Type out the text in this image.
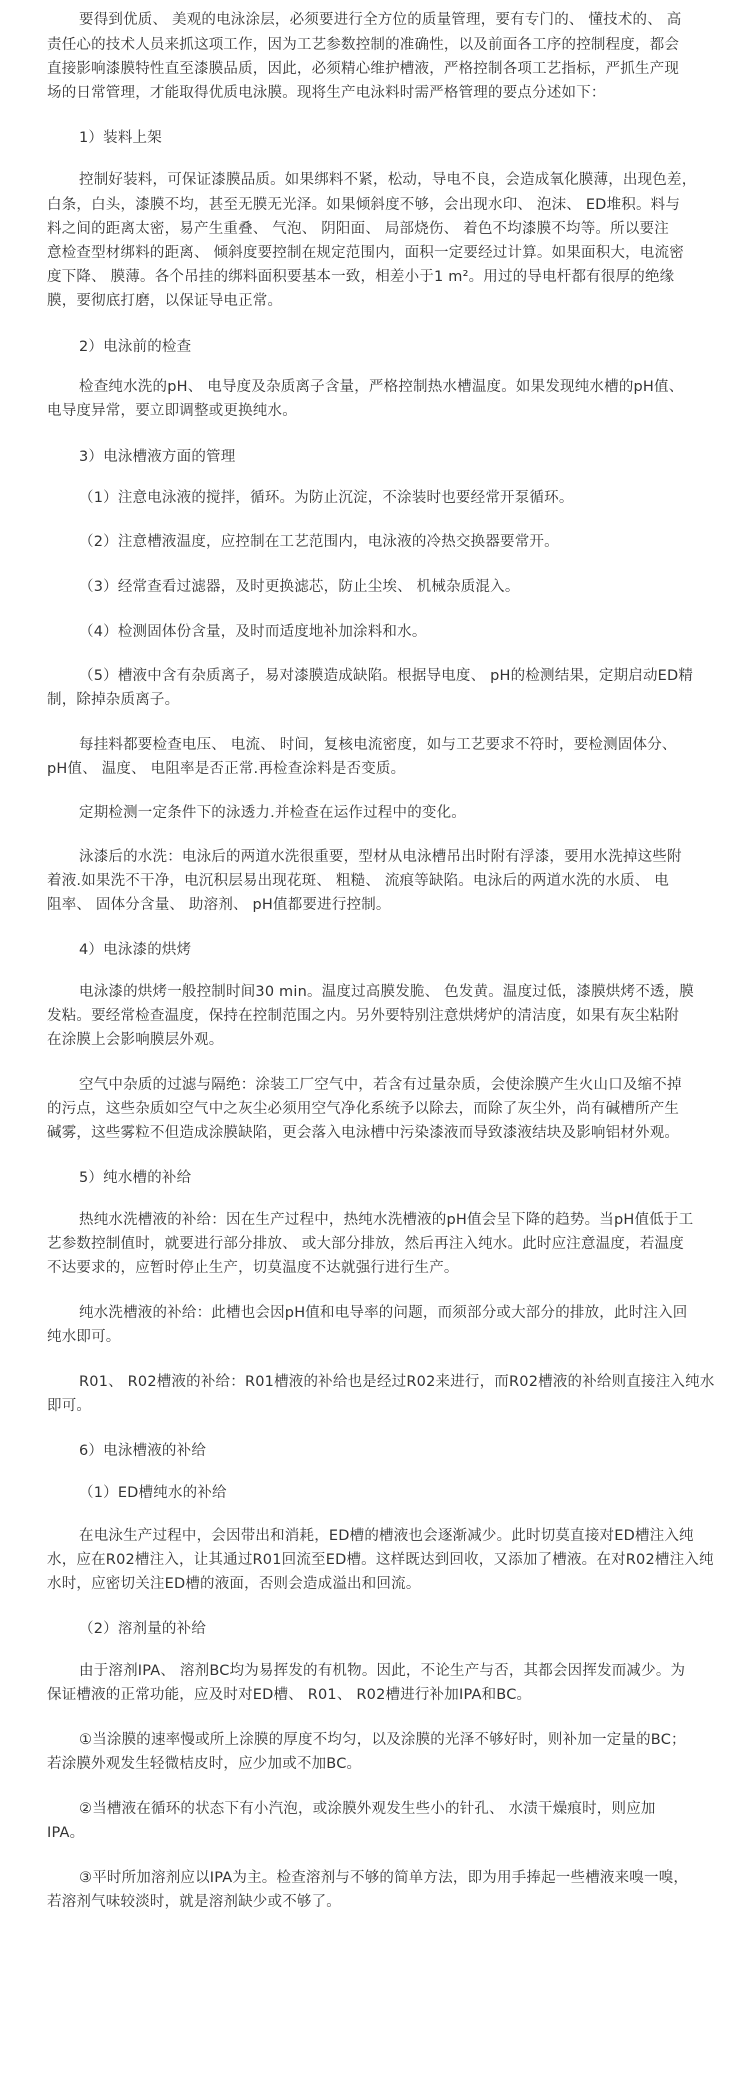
要得到优质、 美观的电泳涂层，必须要进行全方位的质量管理，要有专门的、 懂技术的、 高
责任心的技术人员来抓这项工作，因为工艺参数控制的准确性，以及前面各工序的控制程度，都会
直接影响漆膜特性直至漆膜品质，因此，必须精心维护槽液，严格控制各项工艺指标，严抓生产现
场的日常管理，才能取得优质电泳膜。现将生产电泳料时需严格管理的要点分述如下：
1）装料上架
控制好装料，可保证漆膜品质。如果绑料不紧，松动，导电不良，会造成氧化膜薄，出现色差，
白条，白头，漆膜不均，甚至无膜无光泽。如果倾斜度不够，会出现水印、 泡沫、 ED堆积。料与
料之间的距离太密，易产生重叠、 气泡、 阴阳面、 局部烧伤、 着色不均漆膜不均等。所以要注
意检查型材绑料的距离、 倾斜度要控制在规定范围内，面积一定要经过计算。如果面积大，电流密
度下降、 膜薄。各个吊挂的绑料面积要基本一致，相差小于1 m²。用过的导电杆都有很厚的绝缘
膜，要彻底打磨，以保证导电正常。
2）电泳前的检查
检查纯水洗的pH、 电导度及杂质离子含量，严格控制热水槽温度。如果发现纯水槽的pH值、
电导度异常，要立即调整或更换纯水。
3）电泳槽液方面的管理
（1）注意电泳液的搅拌，循环。为防止沉淀，不涂装时也要经常开泵循环。
（2）注意槽液温度，应控制在工艺范围内，电泳液的冷热交换器要常开。
（3）经常查看过滤器，及时更换滤芯，防止尘埃、 机械杂质混入。
（4）检测固体份含量，及时而适度地补加涂料和水。
（5）槽液中含有杂质离子，易对漆膜造成缺陷。根据导电度、 pH的检测结果，定期启动ED精
制，除掉杂质离子。
每挂料都要检查电压、 电流、 时间，复核电流密度，如与工艺要求不符时，要检测固体分、
pH值、 温度、 电阻率是否正常.再检查涂料是否变质。
定期检测一定条件下的泳透力.并检查在运作过程中的变化。
泳漆后的水洗：电泳后的两道水洗很重要，型材从电泳槽吊出时附有浮漆，要用水洗掉这些附
着液.如果洗不干净，电沉积层易出现花斑、 粗糙、 流痕等缺陷。电泳后的两道水洗的水质、 电
阻率、 固体分含量、 助溶剂、 pH值都要进行控制。
4）电泳漆的烘烤
电泳漆的烘烤一般控制时间30 min。温度过高膜发脆、 色发黄。温度过低，漆膜烘烤不透，膜
发粘。要经常检查温度，保持在控制范围之内。另外要特别注意烘烤炉的清洁度，如果有灰尘粘附
在涂膜上会影响膜层外观。
空气中杂质的过滤与隔绝：涂装工厂空气中，若含有过量杂质，会使涂膜产生火山口及缩不掉
的污点，这些杂质如空气中之灰尘必须用空气净化系统予以除去，而除了灰尘外，尚有碱槽所产生
碱雾，这些雾粒不但造成涂膜缺陷，更会落入电泳槽中污染漆液而导致漆液结块及影响铝材外观。
5）纯水槽的补给
热纯水洗槽液的补给：因在生产过程中，热纯水洗槽液的pH值会呈下降的趋势。当pH值低于工
艺参数控制值时，就要进行部分排放、 或大部分排放，然后再注入纯水。此时应注意温度，若温度
不达要求的，应暂时停止生产，切莫温度不达就强行进行生产。
纯水洗槽液的补给：此槽也会因pH值和电导率的问题，而须部分或大部分的排放，此时注入回
纯水即可。
R01、 R02槽液的补给：R01槽液的补给也是经过R02来进行，而R02槽液的补给则直接注入纯水
即可。
6）电泳槽液的补给
（1）ED槽纯水的补给
在电泳生产过程中，会因带出和消耗，ED槽的槽液也会逐渐减少。此时切莫直接对ED槽注入纯
水，应在R02槽注入，让其通过R01回流至ED槽。这样既达到回收，又添加了槽液。在对R02槽注入纯
水时，应密切关注ED槽的液面，否则会造成溢出和回流。
（2）溶剂量的补给
由于溶剂IPA、 溶剂BC均为易挥发的有机物。因此，不论生产与否，其都会因挥发而减少。为
保证槽液的正常功能，应及时对ED槽、 R01、 R02槽进行补加IPA和BC。
①当涂膜的速率慢或所上涂膜的厚度不均匀，以及涂膜的光泽不够好时，则补加一定量的BC；
若涂膜外观发生轻微桔皮时，应少加或不加BC。
②当槽液在循环的状态下有小汽泡，或涂膜外观发生些小的针孔、 水渍干燥痕时，则应加
IPA。
③平时所加溶剂应以IPA为主。检查溶剂与不够的简单方法，即为用手捧起一些槽液来嗅一嗅，
若溶剂气味较淡时，就是溶剂缺少或不够了。
